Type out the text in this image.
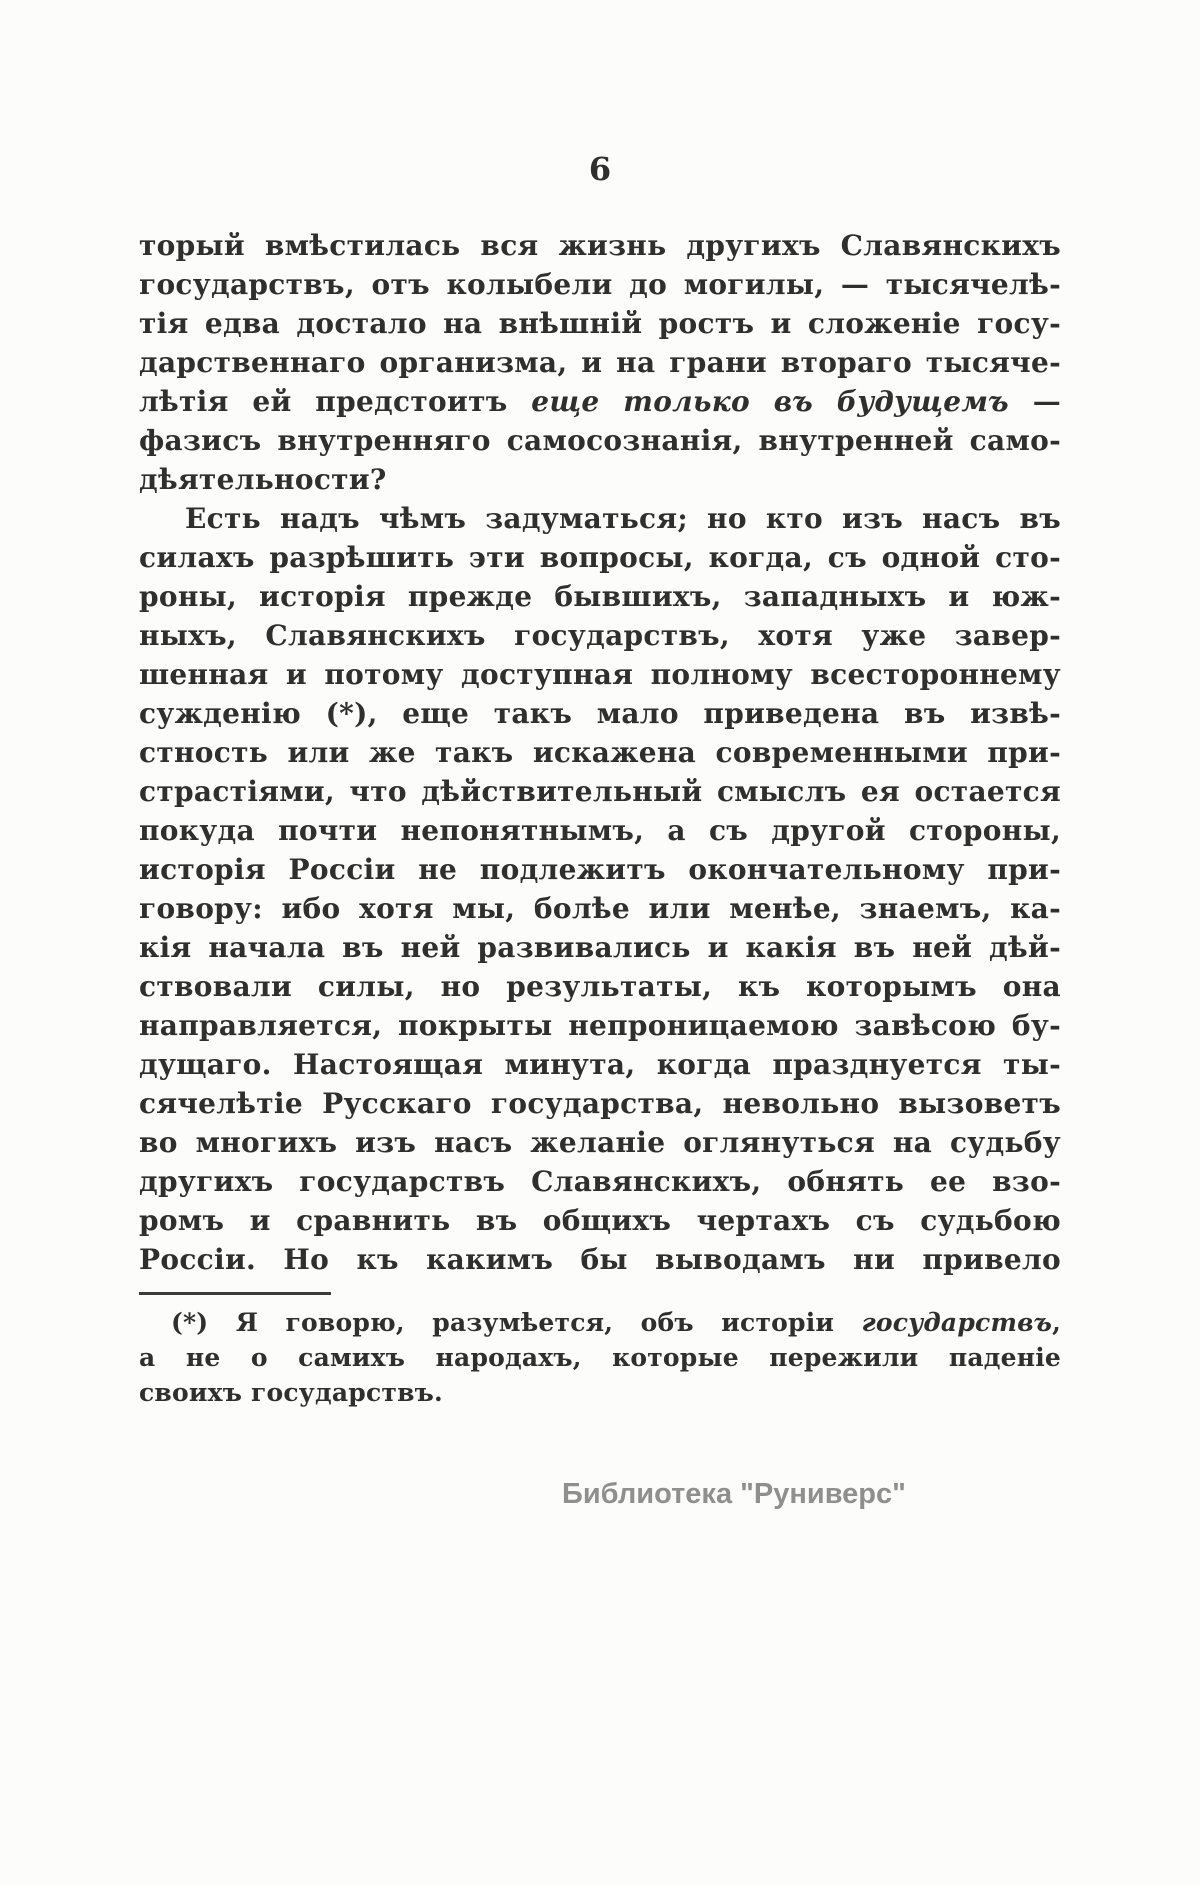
6
торый вмѣстилась вся жизнь другихъ Славянскихъ
государствъ, отъ колыбели до могилы, — тысячелѣ-
тія едва достало на внѣшній ростъ и сложеніе госу-
дарственнаго организма, и на грани втораго тысяче-
лѣтія ей предстоитъ еще только въ будущемъ —
фазисъ внутренняго самосознанія, внутренней само-
дѣятельности?
Есть надъ чѣмъ задуматься; но кто изъ насъ въ
силахъ разрѣшить эти вопросы, когда, съ одной сто-
роны, исторія прежде бывшихъ, западныхъ и юж-
ныхъ, Славянскихъ государствъ, хотя уже завер-
шенная и потому доступная полному всестороннему
сужденію (*), еще такъ мало приведена въ извѣ-
стность или же такъ искажена современными при-
страстіями, что дѣйствительный смыслъ ея остается
покуда почти непонятнымъ, а съ другой стороны,
исторія Россіи не подлежитъ окончательному при-
говору: ибо хотя мы, болѣе или менѣе, знаемъ, ка-
кія начала въ ней развивались и какія въ ней дѣй-
ствовали силы, но результаты, къ которымъ она
направляется, покрыты непроницаемою завѣсою бу-
дущаго. Настоящая минута, когда празднуется ты-
сячелѣтіе Русскаго государства, невольно вызоветъ
во многихъ изъ насъ желаніе оглянуться на судьбу
другихъ государствъ Славянскихъ, обнять ее взо-
ромъ и сравнить въ общихъ чертахъ съ судьбою
Россіи. Но къ какимъ бы выводамъ ни привело
(*) Я говорю, разумѣется, объ исторіи государствъ,
а не о самихъ народахъ, которые пережили паденіе
своихъ государствъ.
Библиотека "Руниверс"
